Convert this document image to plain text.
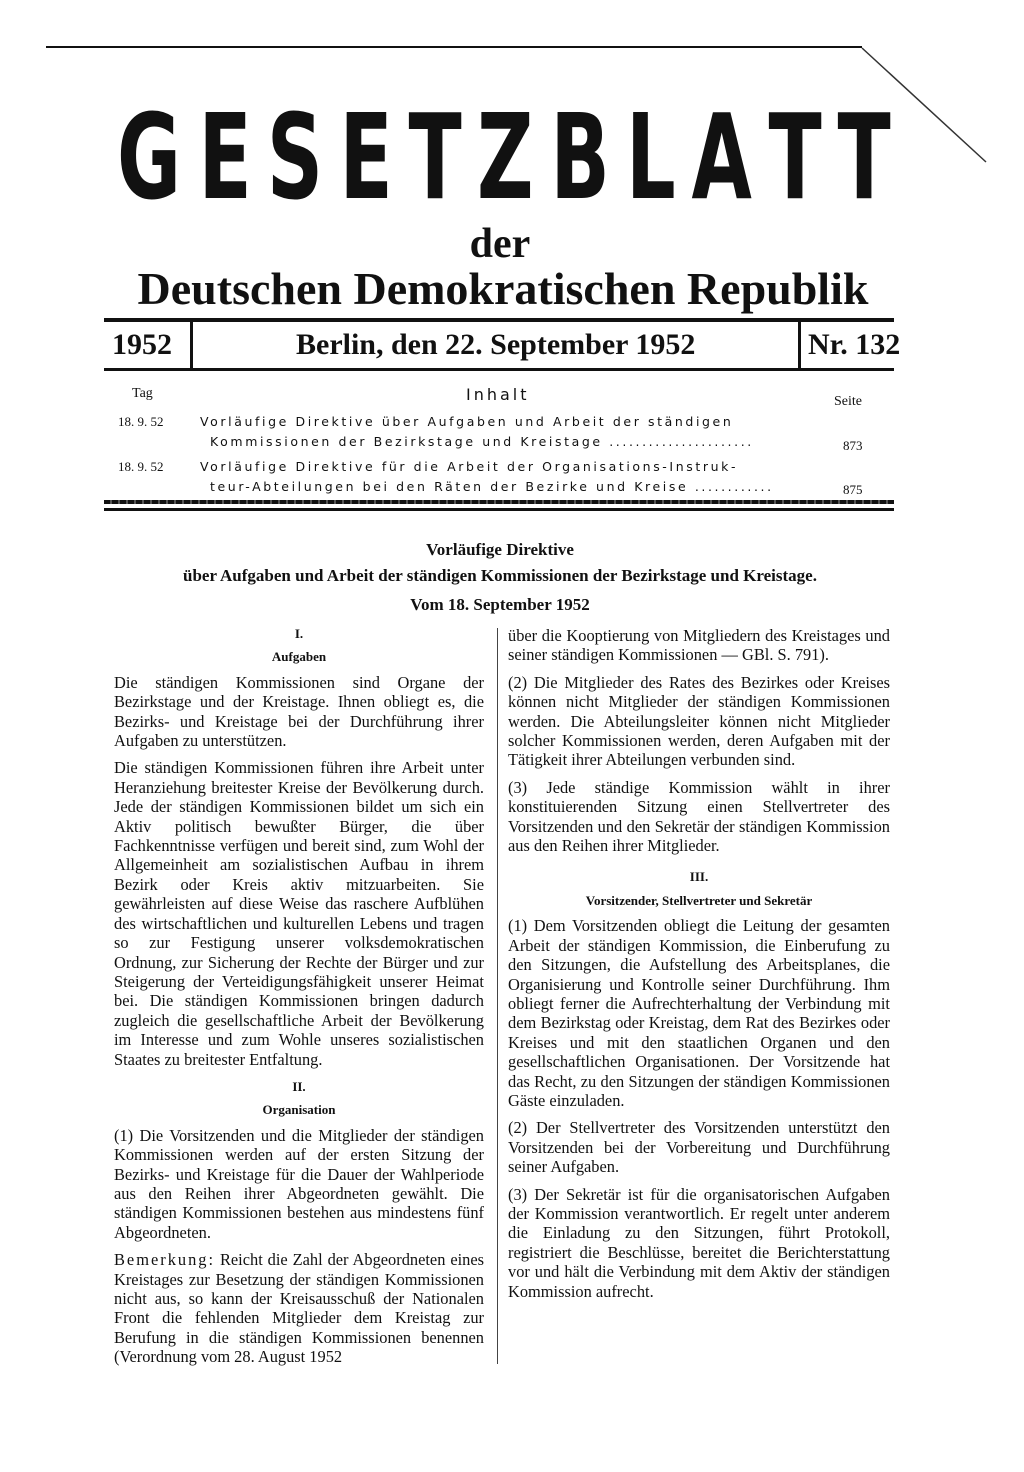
G E S E T Z B L A T T
der
Deutschen Demokratischen Republik
1952	Berlin, den 22. September 1952	Nr. 132
Tag	Inhalt	Seite
18. 9. 52	Vorläufige Direktive über Aufgaben und Arbeit der ständigen
Kommissionen der Bezirkstage und Kreistage ......................	873
18. 9. 52	Vorläufige Direktive für die Arbeit der Organisations-Instruk-
teur-Abteilungen bei den Räten der Bezirke und Kreise ............	875
Vorläufige Direktive
über Aufgaben und Arbeit der ständigen Kommissionen der Bezirkstage und Kreistage.
Vom 18. September 1952
I.
Aufgaben

Die ständigen Kommissionen sind Organe der Bezirkstage und der Kreistage. Ihnen obliegt es, die Bezirks- und Kreistage bei der Durchführung ihrer Aufgaben zu unterstützen.

Die ständigen Kommissionen führen ihre Arbeit unter Heranziehung breitester Kreise der Bevölkerung durch. Jede der ständigen Kommissionen bildet um sich ein Aktiv politisch bewußter Bürger, die über Fachkenntnisse verfügen und bereit sind, zum Wohl der Allgemeinheit am sozialistischen Aufbau in ihrem Bezirk oder Kreis aktiv mitzuarbeiten. Sie gewährleisten auf diese Weise das raschere Aufblühen des wirtschaftlichen und kulturellen Lebens und tragen so zur Festigung unserer volksdemokratischen Ordnung, zur Sicherung der Rechte der Bürger und zur Steigerung der Verteidigungsfähigkeit unserer Heimat bei. Die ständigen Kommissionen bringen dadurch zugleich die gesellschaftliche Arbeit der Bevölkerung im Interesse und zum Wohle unseres sozialistischen Staates zu breitester Entfaltung.

II.
Organisation

(1) Die Vorsitzenden und die Mitglieder der ständigen Kommissionen werden auf der ersten Sitzung der Bezirks- und Kreistage für die Dauer der Wahlperiode aus den Reihen ihrer Abgeordneten gewählt. Die ständigen Kommissionen bestehen aus mindestens fünf Abgeordneten.

Bemerkung: Reicht die Zahl der Abgeordneten eines Kreistages zur Besetzung der ständigen Kommissionen nicht aus, so kann der Kreisausschuß der Nationalen Front die fehlenden Mitglieder dem Kreistag zur Berufung in die ständigen Kommissionen benennen (Verordnung vom 28. August 1952

über die Kooptierung von Mitgliedern des Kreistages und seiner ständigen Kommissionen — GBl. S. 791).

(2) Die Mitglieder des Rates des Bezirkes oder Kreises können nicht Mitglieder der ständigen Kommissionen werden. Die Abteilungsleiter können nicht Mitglieder solcher Kommissionen werden, deren Aufgaben mit der Tätigkeit ihrer Abteilungen verbunden sind.

(3) Jede ständige Kommission wählt in ihrer konstituierenden Sitzung einen Stellvertreter des Vorsitzenden und den Sekretär der ständigen Kommission aus den Reihen ihrer Mitglieder.

III.
Vorsitzender, Stellvertreter und Sekretär

(1) Dem Vorsitzenden obliegt die Leitung der gesamten Arbeit der ständigen Kommission, die Einberufung zu den Sitzungen, die Aufstellung des Arbeitsplanes, die Organisierung und Kontrolle seiner Durchführung. Ihm obliegt ferner die Aufrechterhaltung der Verbindung mit dem Bezirkstag oder Kreistag, dem Rat des Bezirkes oder Kreises und mit den staatlichen Organen und den gesellschaftlichen Organisationen. Der Vorsitzende hat das Recht, zu den Sitzungen der ständigen Kommissionen Gäste einzuladen.

(2) Der Stellvertreter des Vorsitzenden unterstützt den Vorsitzenden bei der Vorbereitung und Durchführung seiner Aufgaben.

(3) Der Sekretär ist für die organisatorischen Aufgaben der Kommission verantwortlich. Er regelt unter anderem die Einladung zu den Sitzungen, führt Protokoll, registriert die Beschlüsse, bereitet die Berichterstattung vor und hält die Verbindung mit dem Aktiv der ständigen Kommission aufrecht.
